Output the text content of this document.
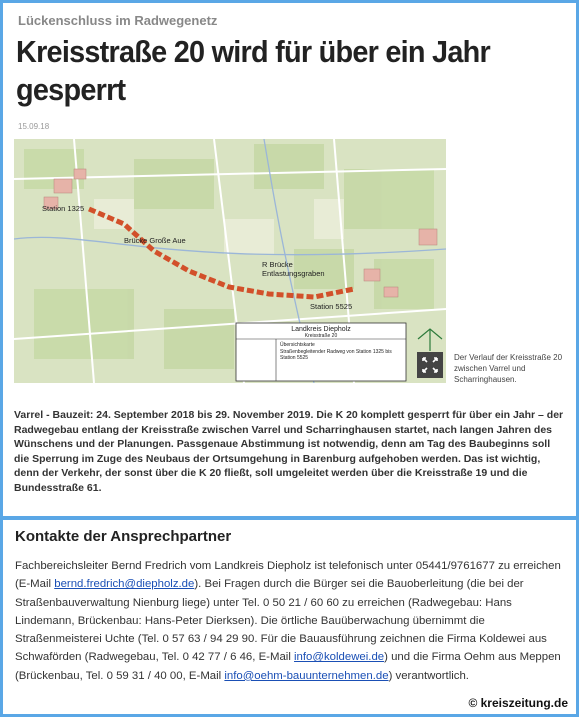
Lückenschluss im Radwegenetz
Kreisstraße 20 wird für über ein Jahr gesperrt
15.09.18
Station 1325
Brücke Große Aue
R Brücke
Entlastungsgraben
Station 5525
Landkreis Diepholz
Kreisstraße 20
Übersichtskarte
Straßenbegleitender Radweg von Station 1325 bis
Station 5525	Der Verlauf der Kreisstraße 20 zwischen Varrel und Scharringhausen.

Varrel - Bauzeit: 24. September 2018 bis 29. November 2019. Die K 20 komplett gesperrt für über ein Jahr – der Radwegebau entlang der Kreisstraße zwischen Varrel und Scharringhausen startet, nach langen Jahren des Wünschens und der Planungen. Passgenaue Abstimmung ist notwendig, denn am Tag des Baubeginns soll die Sperrung im Zuge des Neubaus der Ortsumgehung in Barenburg aufgehoben werden. Das ist wichtig, denn der Verkehr, der sonst über die K 20 fließt, soll umgeleitet werden über die Kreisstraße 19 und die Bundesstraße 61.

Kontakte der Ansprechpartner

Fachbereichsleiter Bernd Fredrich vom Landkreis Diepholz ist telefonisch unter 05441/9761677 zu erreichen (E-Mail bernd.fredrich@diepholz.de). Bei Fragen durch die Bürger sei die Bauoberleitung (die bei der Straßenbauverwaltung Nienburg liege) unter Tel. 0 50 21 / 60 60 zu erreichen (Radwegebau: Hans Lindemann, Brückenbau: Hans-Peter Dierksen). Die örtliche Bauüberwachung übernimmt die Straßenmeisterei Uchte (Tel. 0 57 63 / 94 29 90. Für die Bauausführung zeichnen die Firma Koldewei aus Schwaförden (Radwegebau, Tel. 0 42 77 / 6 46, E-Mail info@koldewei.de) und die Firma Oehm aus Meppen (Brückenbau, Tel. 0 59 31 / 40 00, E-Mail info@oehm-bauunternehmen.de) verantwortlich.

© kreiszeitung.de
